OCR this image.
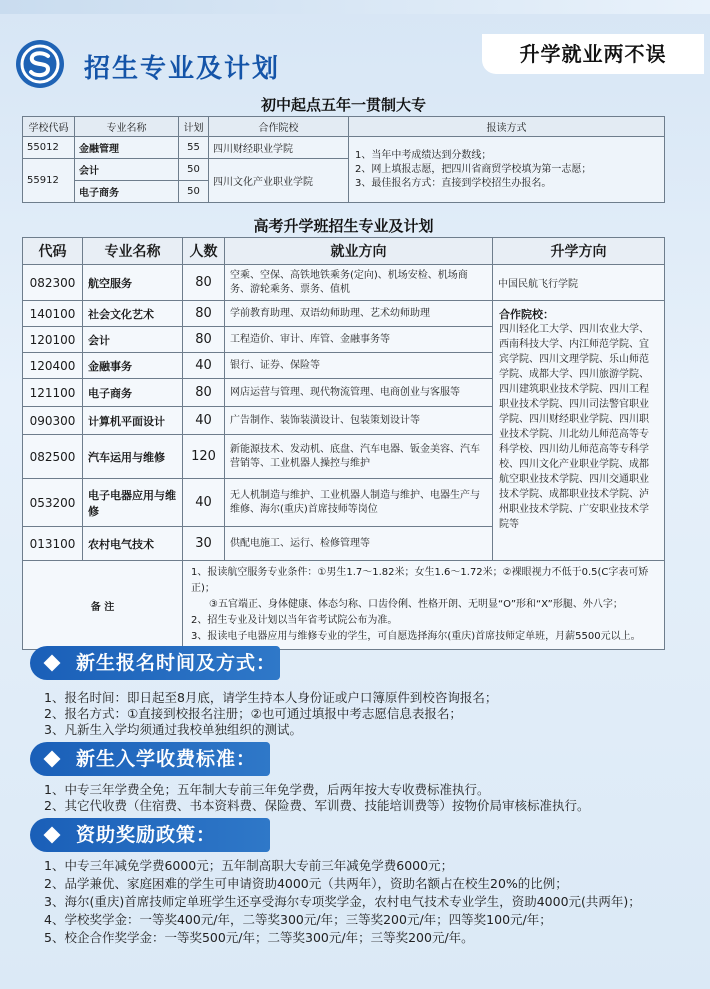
招生专业及计划	升学就业两不误
初中起点五年一贯制大专
学校代码	专业名称	计划	合作院校	报读方式
55012	金融管理	55	四川财经职业学院	1、当年中考成绩达到分数线；
2、网上填报志愿，把四川省商贸学校填为第一志愿；
3、最佳报名方式：直接到学校招生办报名。

55912	会计	50	四川文化产业职业学院	
	电子商务	50		
高考升学班招生专业及计划
代码	专业名称	人数	就业方向	升学方向
082300	航空服务	80	空乘、空保、高铁地铁乘务(定向)、机场安检、机场商务、游轮乘务、票务、值机	中国民航飞行学院
140100	社会文化艺术	80	学前教育助理、双语幼师助理、艺术幼师助理	合作院校：
四川轻化工大学、四川农业大学、西南科技大学、内江师范学院、宜宾学院、四川文理学院、乐山师范学院、成都大学、四川旅游学院、四川建筑职业技术学院、四川工程职业技术学院、四川司法警官职业学院、四川财经职业学院、四川职业技术学院、川北幼儿师范高等专科学校、四川幼儿师范高等专科学校、四川文化产业职业学院、成都航空职业技术学院、四川交通职业技术学院、成都职业技术学院、泸州职业技术学院、广安职业技术学院等

120100	会计	80	工程造价、审计、库管、金融事务等	
120400	金融事务	40	银行、证券、保险等	
121100	电子商务	80	网店运营与管理、现代物流管理、电商创业与客服等	
090300	计算机平面设计	40	广告制作、装饰装潢设计、包装策划设计等	
082500	汽车运用与维修	120	新能源技术、发动机、底盘、汽车电器、钣金美容、汽车营销等、工业机器人操控与维护	
053200	电子电器应用与维修	40	无人机制造与维护、工业机器人制造与维护、电器生产与维修、海尔(重庆)首席技师等岗位	
013100	农村电气技术	30	供配电施工、运行、检修管理等	
备 注		1、报读航空服务专业条件：①男生1.7～1.82米；女生1.6～1.72米；②裸眼视力不低于0.5(C字表可矫正)；
③五官端正、身体健康、体态匀称、口齿伶俐、性格开朗、无明显“O”形和“X”形腿、外八字；
2、招生专业及计划以当年省考试院公布为准。
3、报读电子电器应用与维修专业的学生，可自愿选择海尔(重庆)首席技师定单班，月薪5500元以上。		
新生报名时间及方式：
1、报名时间：即日起至8月底，请学生持本人身份证或户口簿原件到校咨询报名；
2、报名方式：①直接到校报名注册；②也可通过填报中考志愿信息表报名；
3、凡新生入学均须通过我校单独组织的测试。
新生入学收费标准：
1、中专三年学费全免；五年制大专前三年免学费，后两年按大专收费标准执行。
2、其它代收费（住宿费、书本资料费、保险费、军训费、技能培训费等）按物价局审核标准执行。
资助奖励政策：
1、中专三年减免学费6000元；五年制高职大专前三年减免学费6000元；
2、品学兼优、家庭困难的学生可申请资助4000元（共两年），资助名额占在校生20%的比例；
3、海尔(重庆)首席技师定单班学生还享受海尔专项奖学金，农村电气技术专业学生，资助4000元(共两年)；
4、学校奖学金：一等奖400元/年，二等奖300元/年；三等奖200元/年；四等奖100元/年；
5、校企合作奖学金：一等奖500元/年；二等奖300元/年；三等奖200元/年。
